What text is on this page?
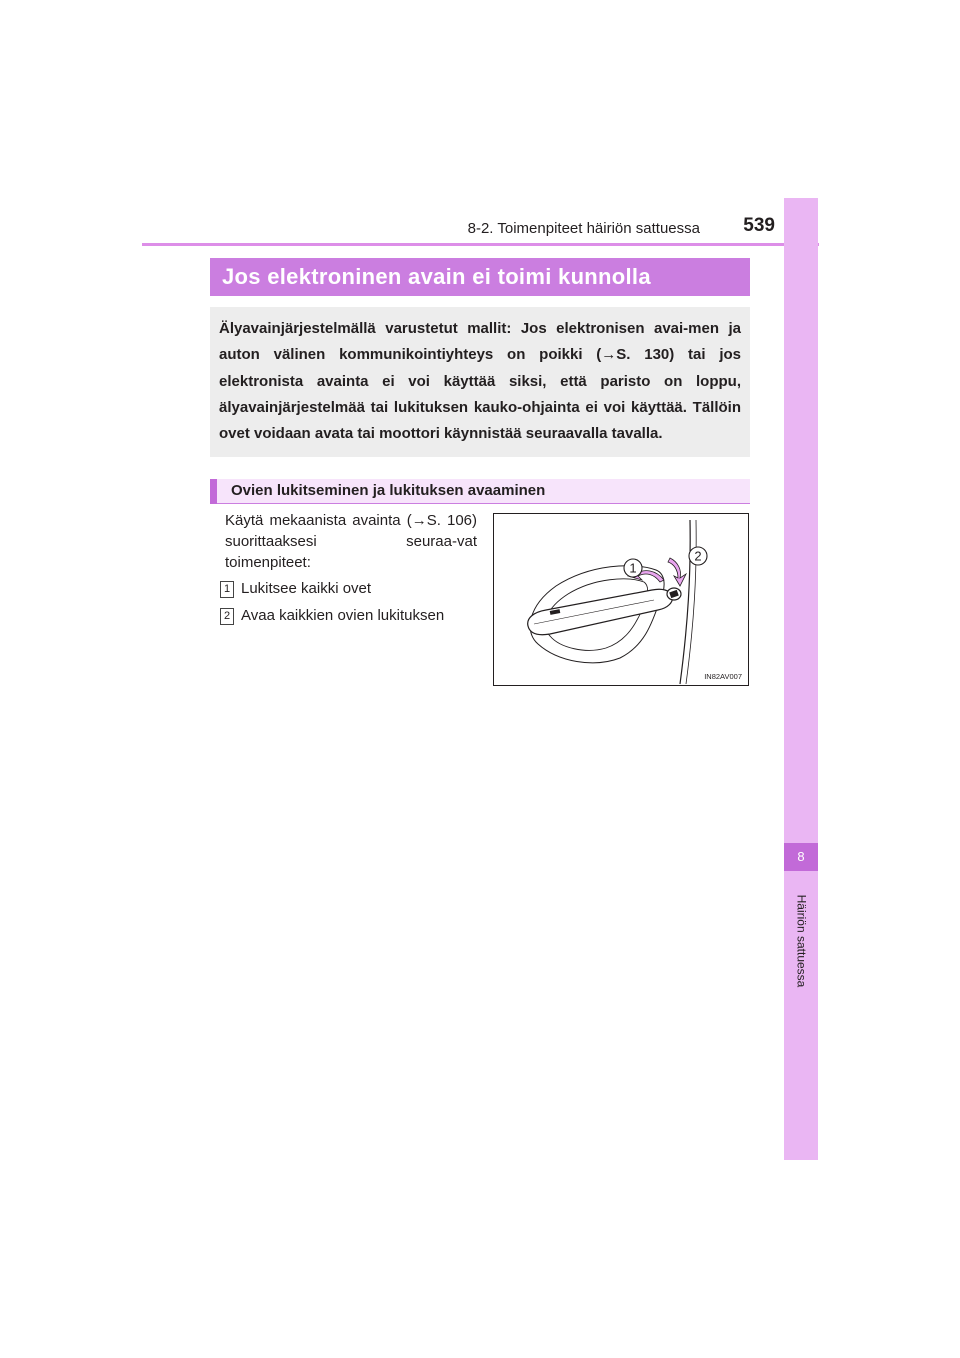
8-2. Toimenpiteet häiriön sattuessa	539
8
Häiriön sattuessa
Jos elektroninen avain ei toimi kunnolla
Älyavainjärjestelmällä varustetut mallit: Jos elektronisen avai-men ja auton välinen kommunikointiyhteys on poikki (→S. 130) tai jos elektronista avainta ei voi käyttää siksi, että paristo on loppu, älyavainjärjestelmää tai lukituksen kauko-ohjainta ei voi käyttää. Tällöin ovet voidaan avata tai moottori käynnistää seuraavalla tavalla.
Ovien lukitseminen ja lukituksen avaaminen
Käytä mekaanista avainta (→S. 106) suorittaaksesi seuraa-vat toimenpiteet:
1 Lukitsee kaikki ovet
2 Avaa kaikkien ovien lukituksen
1
2
IN82AV007
